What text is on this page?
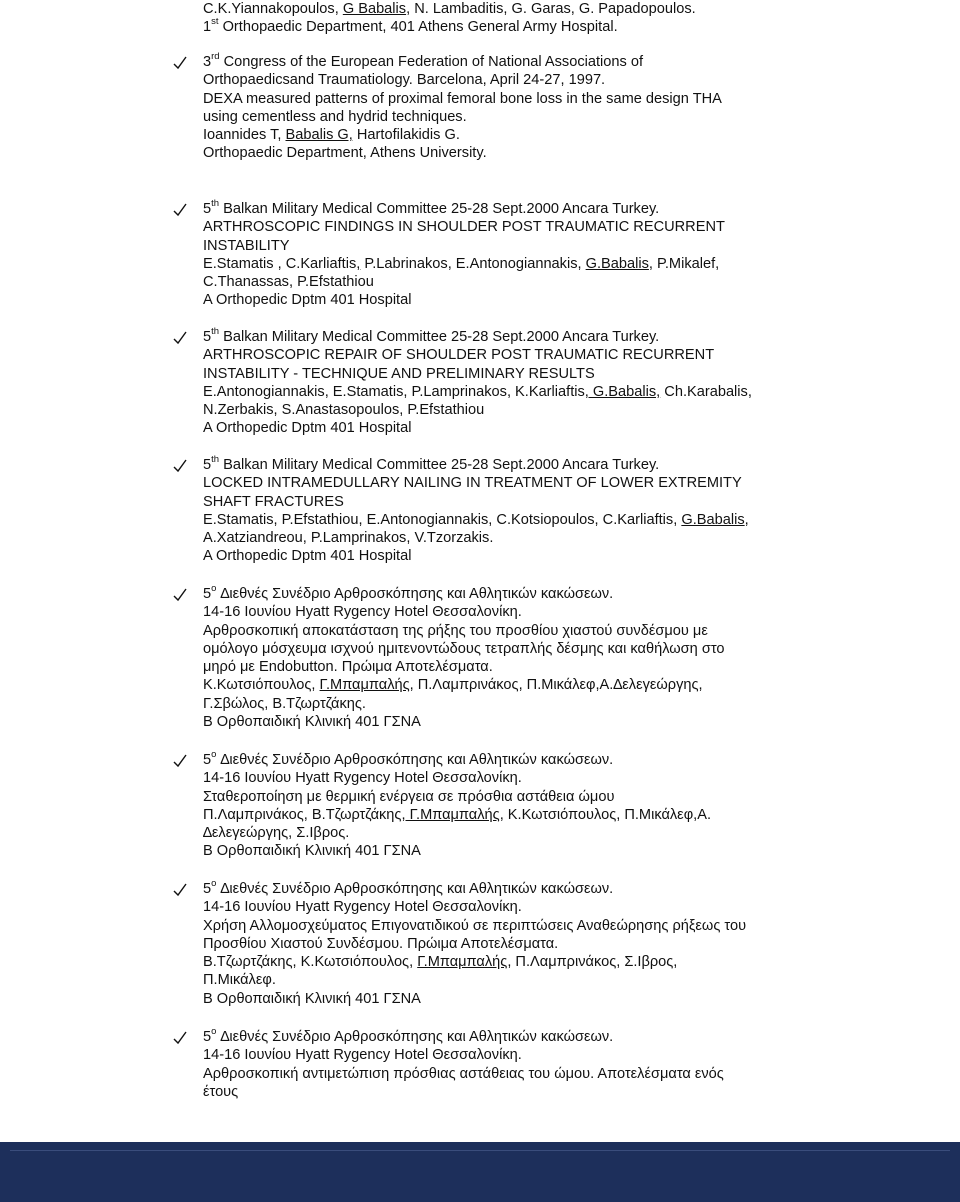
C.K.Yiannakopoulos, G Babalis, N. Lambaditis, G. Garas, G. Papadopoulos.
1st Orthopaedic Department, 401 Athens General Army Hospital.
3rd Congress of the European Federation of National Associations of
Orthopaedicsand Traumatiology. Barcelona, April 24-27, 1997.
DEXA measured patterns of proximal femoral bone loss in the same design THA
using cementless and hydrid techniques.
Ioannides T, Babalis G, Hartofilakidis G.
Orthopaedic Department, Athens University.
5th Balkan Military Medical Committee 25-28 Sept.2000 Ancara Turkey.
ARTHROSCOPIC FINDINGS IN SHOULDER POST TRAUMATIC RECURRENT
INSTABILITY
E.Stamatis , C.Karliaftis, P.Labrinakos, E.Antonogiannakis, G.Babalis, P.Mikalef,
C.Thanassas, P.Efstathiou
A Orthopedic Dptm 401 Hospital
5th Balkan Military Medical Committee 25-28 Sept.2000 Ancara Turkey.
ARTHROSCOPIC REPAIR OF SHOULDER POST TRAUMATIC RECURRENT
INSTABILITY - TECHNIQUE AND PRELIMINARY RESULTS
E.Antonogiannakis, E.Stamatis, P.Lamprinakos, K.Karliaftis, G.Babalis, Ch.Karabalis,
N.Zerbakis, S.Anastasopoulos, P.Efstathiou
A Orthopedic Dptm 401 Hospital
5th Balkan Military Medical Committee 25-28 Sept.2000 Ancara Turkey.
LOCKED INTRAMEDULLARY NAILING IN TREATMENT OF LOWER EXTREMITY
SHAFT FRACTURES
E.Stamatis, P.Efstathiou, E.Antonogiannakis, C.Kotsiopoulos, C.Karliaftis, G.Babalis,
A.Xatziandreou, P.Lamprinakos, V.Tzorzakis.
A Orthopedic Dptm 401 Hospital
5$^o$ ∆ιεθνές Συνέδριο Αρθροσκόπησης και Αθλητικών κακώσεων.
14-16 Ιουνίου Hyatt Rygency Hotel Θεσσαλονίκη.
Αρθροσκοπική αποκατάσταση της ρήξης του προσθίου χιαστού συνδέσμου με
ομόλογο μόσχευμα ισχνού ημιτενοντώδους τετραπλής δέσμης και καθήλωση στο
μηρό με Endobutton. Πρώιμα Αποτελέσματα.
Κ.Κωτσιόπουλος, Γ.Μπαμπαλής, Π.Λαμπρινάκος, Π.Μικάλεφ,Α.∆ελεγεώργης,
Γ.Σβώλος, Β.Τζωρτζάκης.
Β Ορθοπαιδική Κλινική 401 ΓΣΝΑ
5$^o$ ∆ιεθνές Συνέδριο Αρθροσκόπησης και Αθλητικών κακώσεων.
14-16 Ιουνίου Hyatt Rygency Hotel Θεσσαλονίκη.
Σταθεροποίηση με θερμική ενέργεια σε πρόσθια αστάθεια ώμου
Π.Λαμπρινάκος, Β.Τζωρτζάκης, Γ.Μπαμπαλής, Κ.Κωτσιόπουλος, Π.Μικάλεφ,Α.
∆ελεγεώργης, Σ.Ιβρος.
Β Ορθοπαιδική Κλινική 401 ΓΣΝΑ
5$^o$ ∆ιεθνές Συνέδριο Αρθροσκόπησης και Αθλητικών κακώσεων.
14-16 Ιουνίου Hyatt Rygency Hotel Θεσσαλονίκη.
Χρήση Αλλομοσχεύματος Επιγονατιδικού σε περιπτώσεις Αναθεώρησης ρήξεως του
Προσθίου Χιαστού Συνδέσμου. Πρώιμα Αποτελέσματα.
Β.Τζωρτζάκης, Κ.Κωτσιόπουλος, Γ.Μπαμπαλής, Π.Λαμπρινάκος, Σ.Ιβρος,
Π.Μικάλεφ.
Β Ορθοπαιδική Κλινική 401 ΓΣΝΑ
5$^o$ ∆ιεθνές Συνέδριο Αρθροσκόπησης και Αθλητικών κακώσεων.
14-16 Ιουνίου Hyatt Rygency Hotel Θεσσαλονίκη.
Αρθροσκοπική αντιμετώπιση πρόσθιας αστάθειας του ώμου. Αποτελέσματα ενός
έτους
